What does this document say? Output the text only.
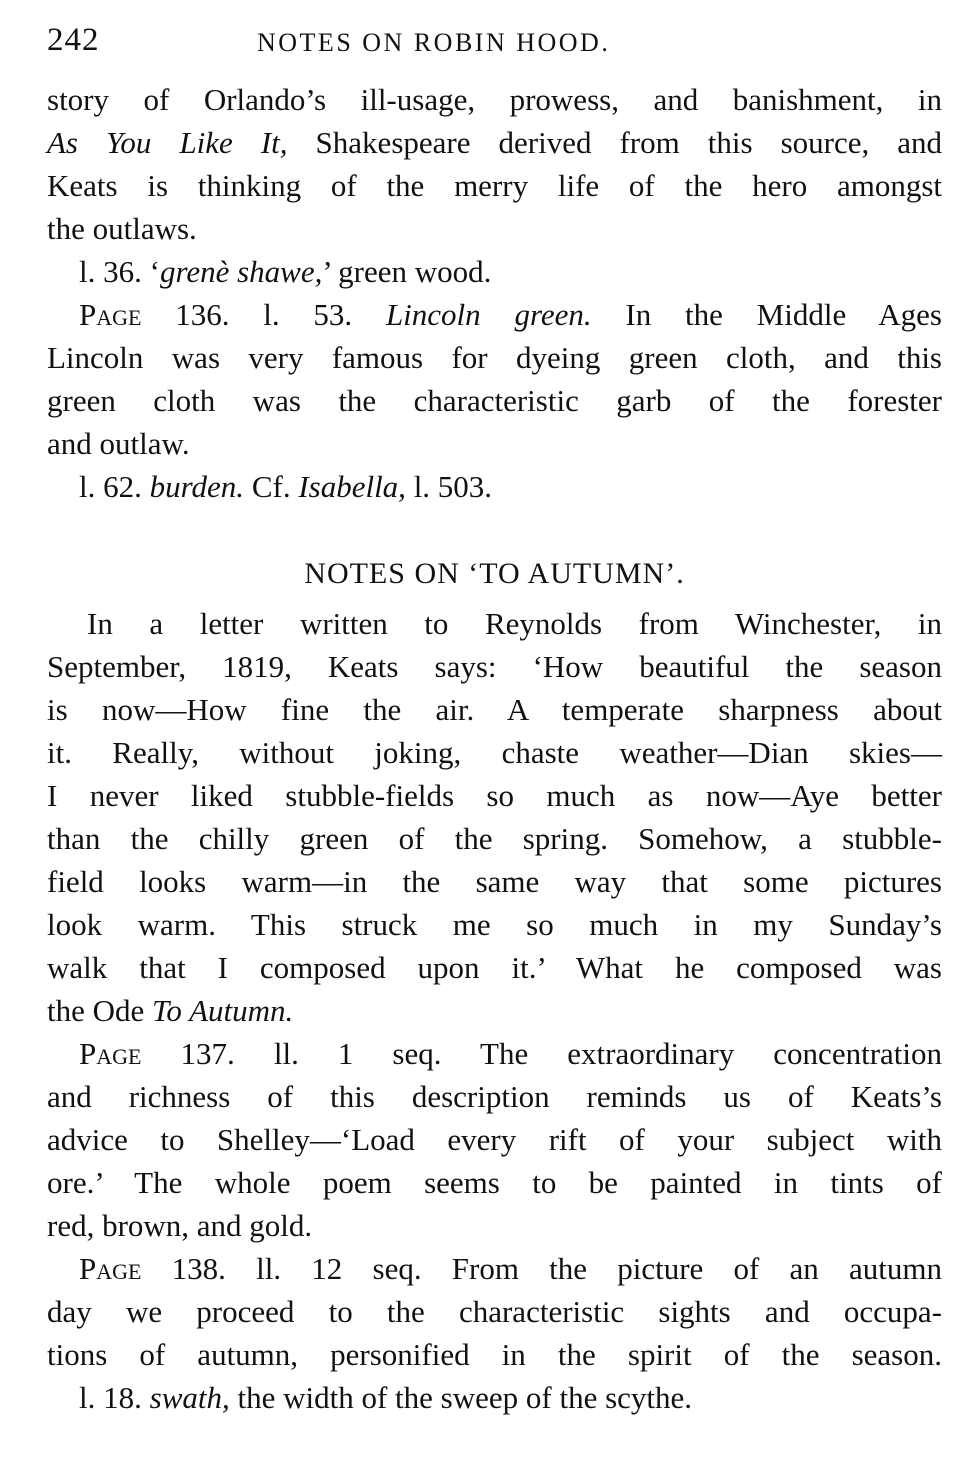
242	NOTES ON ROBIN HOOD.
story of Orlando’s ill-usage, prowess, and banishment, in
As You Like It, Shakespeare derived from this source, and
Keats is thinking of the merry life of the hero amongst
the outlaws.
l. 36. ‘grenè shawe,’ green wood.
Page 136. l. 53. Lincoln green. In the Middle Ages
Lincoln was very famous for dyeing green cloth, and this
green cloth was the characteristic garb of the forester
and outlaw.
l. 62. burden. Cf. Isabella, l. 503.
NOTES ON ‘TO AUTUMN’.
In a letter written to Reynolds from Winchester, in
September, 1819, Keats says: ‘How beautiful the season
is now—How fine the air. A temperate sharpness about
it. Really, without joking, chaste weather—Dian skies—
I never liked stubble-fields so much as now—Aye better
than the chilly green of the spring. Somehow, a stubble-
field looks warm—in the same way that some pictures
look warm. This struck me so much in my Sunday’s
walk that I composed upon it.’ What he composed was
the Ode To Autumn.
Page 137. ll. 1 seq. The extraordinary concentration
and richness of this description reminds us of Keats’s
advice to Shelley—‘Load every rift of your subject with
ore.’ The whole poem seems to be painted in tints of
red, brown, and gold.
Page 138. ll. 12 seq. From the picture of an autumn
day we proceed to the characteristic sights and occupa-
tions of autumn, personified in the spirit of the season.
l. 18. swath, the width of the sweep of the scythe.
